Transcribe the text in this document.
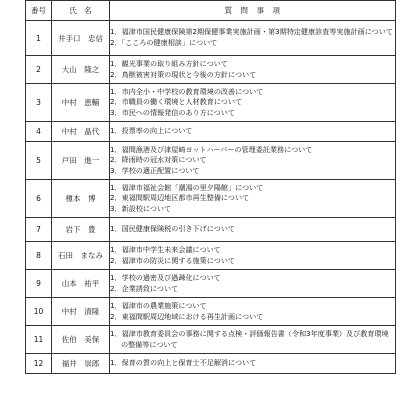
番号	氏　名	質　問　事　項
1	井手口　忠信	1．福津市国民健康保険第2期保健事業実施計画・第3期特定健康診査等実施計画について
2．「こころの健康相談」について

2	大山　隆之	1．観光事業の取り組み方針について
2．鳥獣被害対策の現状と今後の方針について

3	中村　恵輔	1．市内全小・中学校の教育環境の改善について
2．市職員の働く環境と人材教育について
3．市民への情報発信のあり方について

4	中村　晶代	1．投票率の向上について

5	戸田　進一	1．福間漁港及び津屋崎ヨットハーバーの管理委託業務について
2．降雨時の冠水対策について
3．学校の適正配置について

6	榎本　博	1．福津市福祉会館「潮湯の里夕陽館」について
2．東福間駅周辺地区都市再生整備について
3．新設校について

7	岩下　豊	1．国民健康保険税の引き下げについて

8	石田　まなみ	1．福津市中学生未来会議について
2．福津市の防災に関する施策について

9	山本　祐平	1．学校の過密及び過疎化について
2．企業誘致について

10	中村　清隆	1．福津市の農業施策について
2．東福間駅周辺地域における再生計画について

11	佐伯　美保	1．福津市教育委員会の事務に関する点検・評価報告書（令和3年度事業）及び教育環境の整備等について

12	福井　崇郎	1．保育の質の向上と保育士不足解消について
